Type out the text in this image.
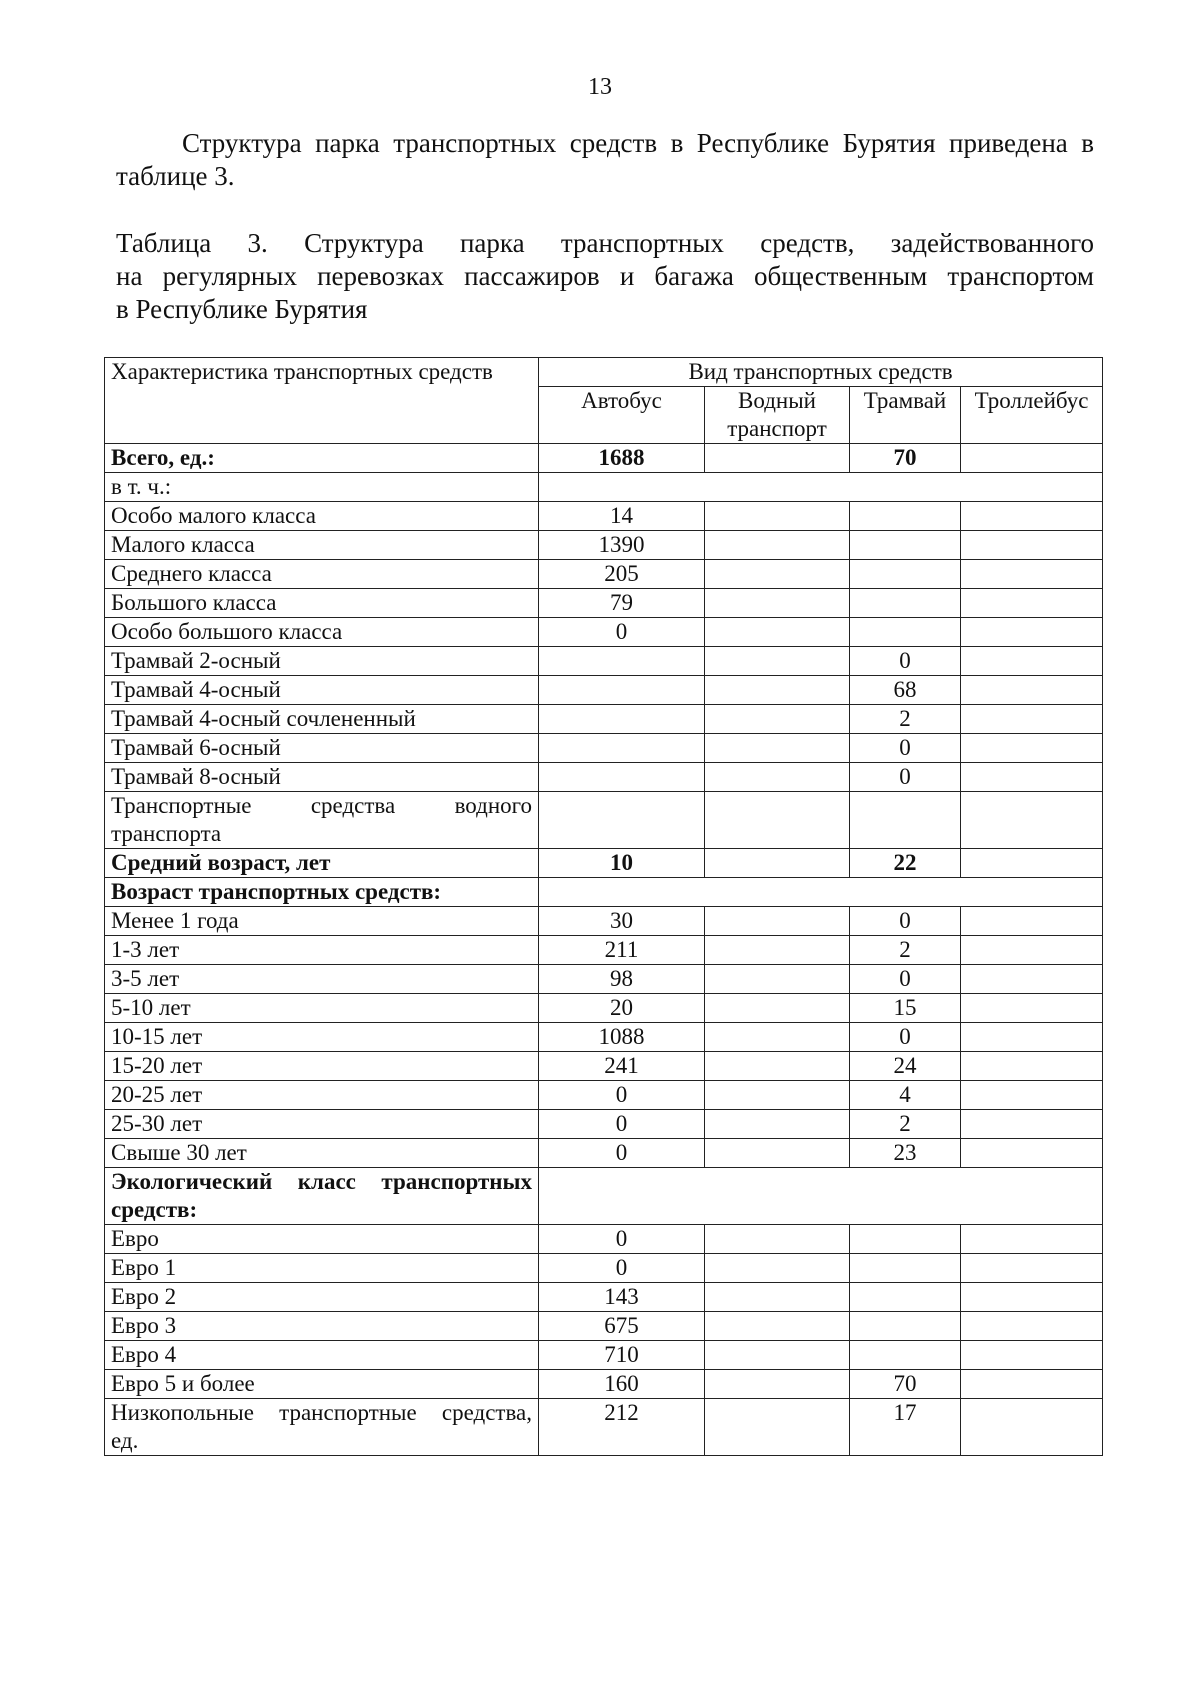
13
Структура парка транспортных средств в Республике Бурятия приведена в
таблице 3.
Таблица 3. Структура парка транспортных средств, задействованного
на регулярных перевозках пассажиров и багажа общественным транспортом
в Республике Бурятия
Характеристика транспортных средств	Вид транспортных средств			
	Автобус	Водный транспорт	Трамвай	Троллейбус
Всего, ед.:	1688		70	
в т. ч.:				
Особо малого класса	14			
Малого класса	1390			
Среднего класса	205			
Большого класса	79			
Особо большого класса	0			
Трамвай 2-осный			0	
Трамвай 4-осный			68	
Трамвай 4-осный сочлененный			2	
Трамвай 6-осный			0	
Трамвай 8-осный			0	

Транспортные средства водного
транспорта				

Средний возраст, лет	10		22	
Возраст транспортных средств:				
Менее 1 года	30		0	
1-3 лет	211		2	
3-5 лет	98		0	
5-10 лет	20		15	
10-15 лет	1088		0	
15-20 лет	241		24	
20-25 лет	0		4	
25-30 лет	0		2	
Свыше 30 лет	0		23	

Экологический класс транспортных
средств:				

Евро	0			
Евро 1	0			
Евро 2	143			
Евро 3	675			
Евро 4	710			
Евро 5 и более	160		70	

Низкопольные транспортные средства,
ед.	212		17	
